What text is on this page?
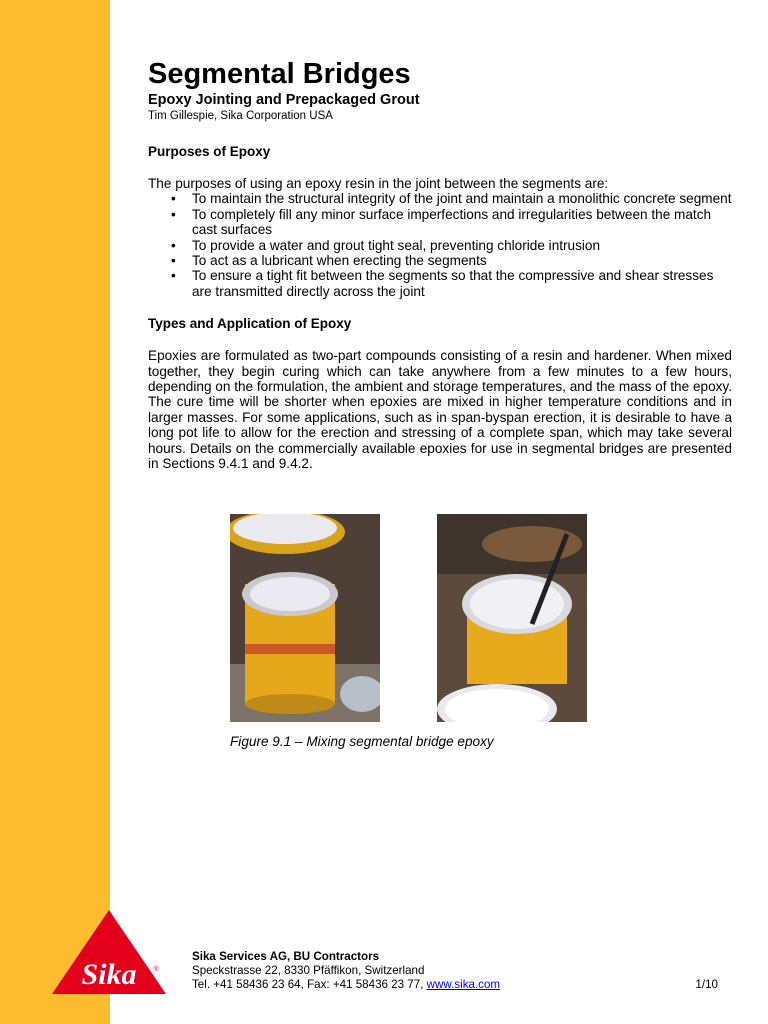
Segmental Bridges
Epoxy Jointing and Prepackaged Grout
Tim Gillespie, Sika Corporation USA
Purposes of Epoxy

The purposes of using an epoxy resin in the joint between the segments are:

• To maintain the structural integrity of the joint and maintain a monolithic concrete segment
• To completely fill any minor surface imperfections and irregularities between the match cast surfaces
• To provide a water and grout tight seal, preventing chloride intrusion
• To act as a lubricant when erecting the segments
• To ensure a tight fit between the segments so that the compressive and shear stresses are transmitted directly across the joint
Types and Application of Epoxy

Epoxies are formulated as two-part compounds consisting of a resin and hardener. When mixed together, they begin curing which can take anywhere from a few minutes to a few hours, depending on the formulation, the ambient and storage temperatures, and the mass of the epoxy. The cure time will be shorter when epoxies are mixed in higher temperature conditions and in larger masses. For some applications, such as in span-byspan erection, it is desirable to have a long pot life to allow for the erection and stressing of a complete span, which may take several hours. Details on the commercially available epoxies for use in segmental bridges are presented in Sections 9.4.1 and 9.4.2.

Figure 9.1 – Mixing segmental bridge epoxy
Sika ®
Sika Services AG, BU Contractors
Speckstrasse 22, 8330 Pfäffikon, Switzerland
Tel. +41 58436 23 64, Fax: +41 58436 23 77, www.sika.com	1/10
